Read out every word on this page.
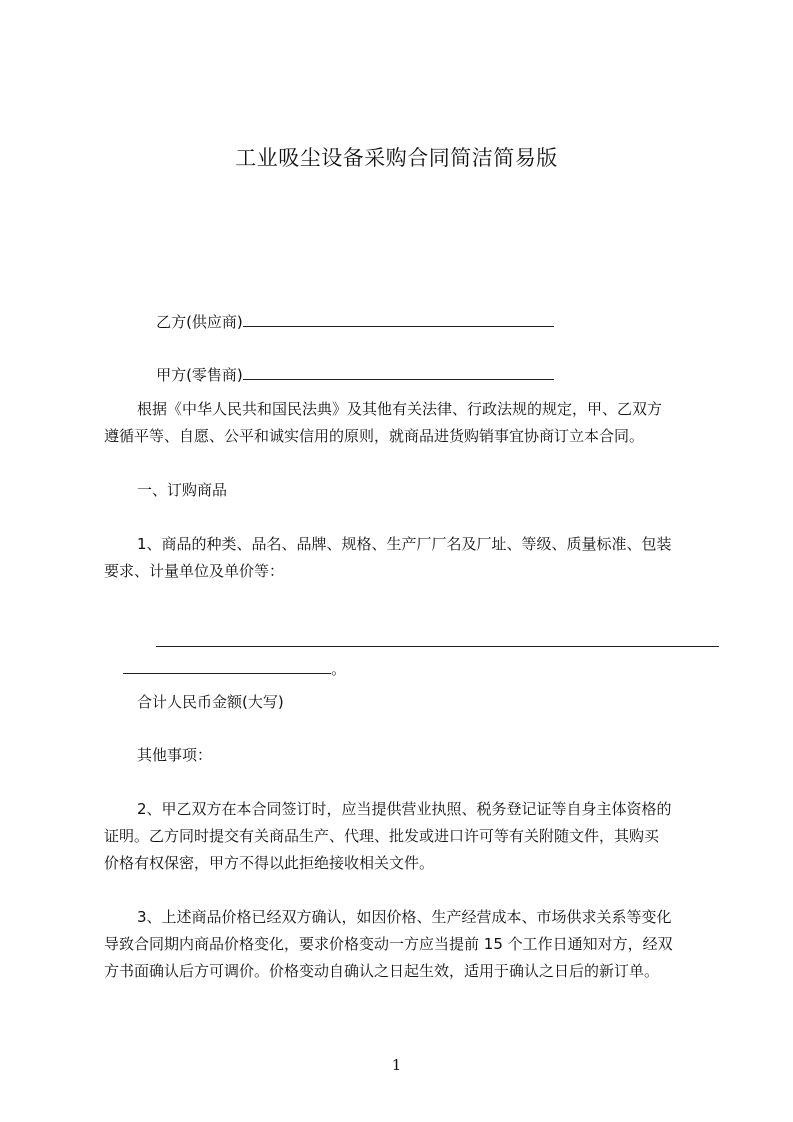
工业吸尘设备采购合同简洁简易版

乙方(供应商)

甲方(零售商)

根据《中华人民共和国民法典》及其他有关法律、行政法规的规定，甲、乙双方
遵循平等、自愿、公平和诚实信用的原则，就商品进货购销事宜协商订立本合同。
一、订购商品
1、商品的种类、品名、品牌、规格、生产厂厂名及厂址、等级、质量标准、包装
要求、计量单位及单价等：

。

合计人民币金额(大写)
其他事项：
2、甲乙双方在本合同签订时，应当提供营业执照、税务登记证等自身主体资格的
证明。乙方同时提交有关商品生产、代理、批发或进口许可等有关附随文件，其购买
价格有权保密，甲方不得以此拒绝接收相关文件。
3、上述商品价格已经双方确认，如因价格、生产经营成本、市场供求关系等变化
导致合同期内商品价格变化，要求价格变动一方应当提前 15 个工作日通知对方，经双
方书面确认后方可调价。价格变动自确认之日起生效，适用于确认之日后的新订单。
1
